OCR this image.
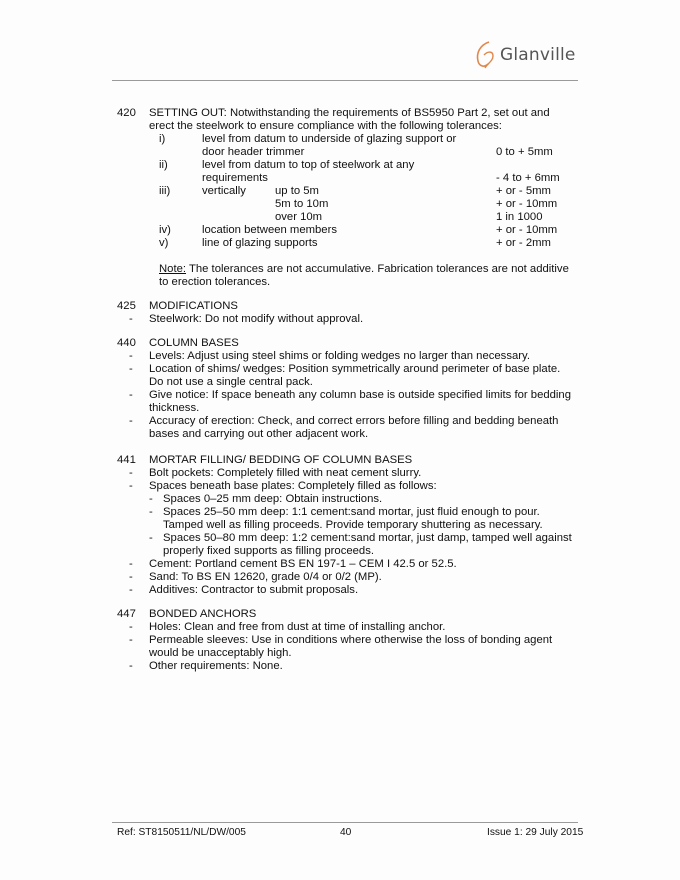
Glanville
420 SETTING OUT: Notwithstanding the requirements of BS5950 Part 2, set out and
erect the steelwork to ensure compliance with the following tolerances:
i)	level from datum to underside of glazing support or
door header trimmer	0 to + 5mm
ii)	level from datum to top of steelwork at any
requirements	- 4 to + 6mm
iii)	vertically	up to 5m	+ or - 5mm
5m to 10m	+ or - 10mm
over 10m	1 in 1000
iv)	location between members	+ or - 10mm
v)	line of glazing supports	+ or - 2mm
Note: The tolerances are not accumulative. Fabrication tolerances are not additive
to erection tolerances.
425 MODIFICATIONS
- Steelwork: Do not modify without approval.
440 COLUMN BASES
- Levels: Adjust using steel shims or folding wedges no larger than necessary.
- Location of shims/ wedges: Position symmetrically around perimeter of base plate.
Do not use a single central pack.
- Give notice: If space beneath any column base is outside specified limits for bedding
thickness.
- Accuracy of erection: Check, and correct errors before filling and bedding beneath
bases and carrying out other adjacent work.
441 MORTAR FILLING/ BEDDING OF COLUMN BASES
- Bolt pockets: Completely filled with neat cement slurry.
- Spaces beneath base plates: Completely filled as follows:
- Spaces 0–25 mm deep: Obtain instructions.
- Spaces 25–50 mm deep: 1:1 cement:sand mortar, just fluid enough to pour.
Tamped well as filling proceeds. Provide temporary shuttering as necessary.
- Spaces 50–80 mm deep: 1:2 cement:sand mortar, just damp, tamped well against
properly fixed supports as filling proceeds.
- Cement: Portland cement BS EN 197-1 – CEM I 42.5 or 52.5.
- Sand: To BS EN 12620, grade 0/4 or 0/2 (MP).
- Additives: Contractor to submit proposals.
447 BONDED ANCHORS
- Holes: Clean and free from dust at time of installing anchor.
- Permeable sleeves: Use in conditions where otherwise the loss of bonding agent
would be unacceptably high.
- Other requirements: None.
Ref: ST8150511/NL/DW/005	40	Issue 1: 29 July 2015
